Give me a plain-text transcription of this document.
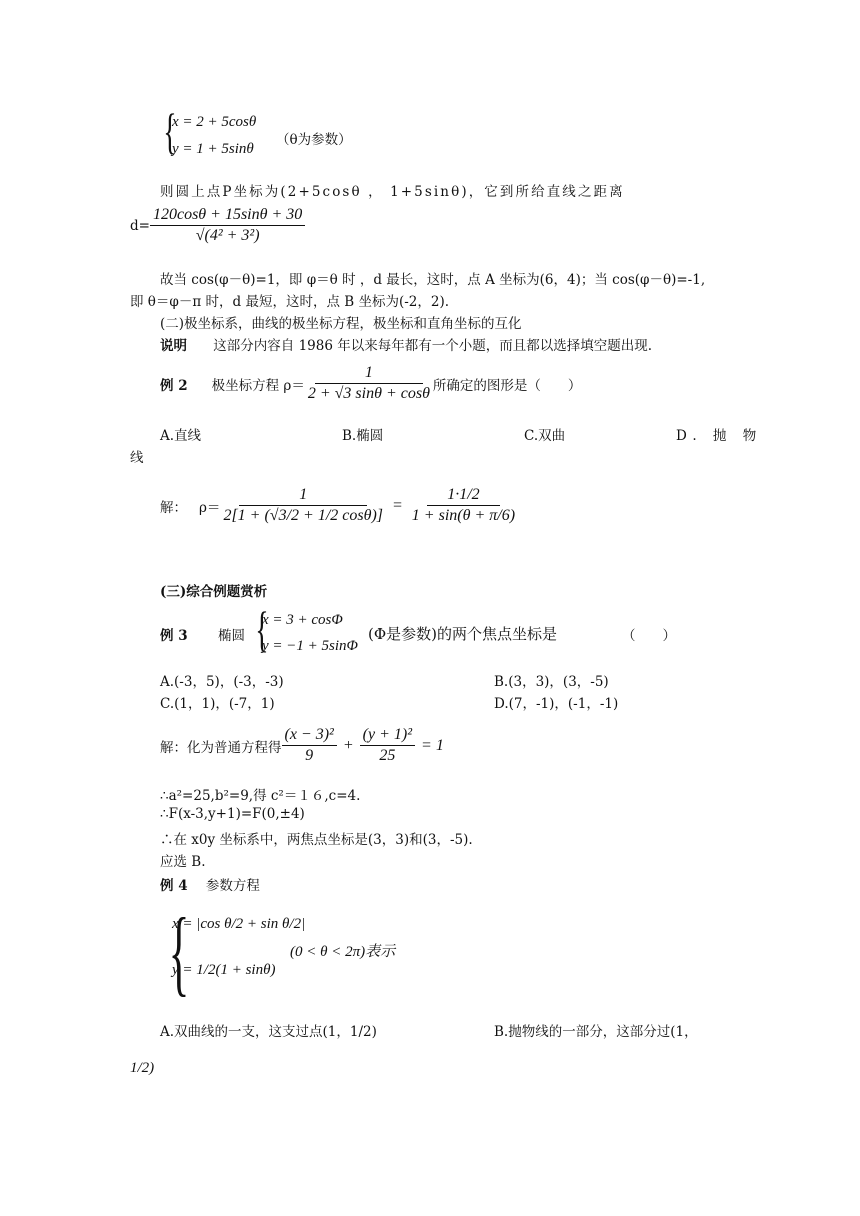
{
x = 2 + 5cosθ
y = 1 + 5sinθ
（θ为参数）
则圆上点P坐标为(2+5cosθ ， 1+5sinθ)，它到所给直线之距离
$d= \frac{120\cos\theta + 15\sin\theta + 30}{\text{√(4² + 3²)}}$
故当 cos(φ－θ)=1，即 φ＝θ 时 ，d 最长，这时，点 A 坐标为(6，4)；当 cos(φ－θ)=-1,
即 θ＝φ－π 时，d 最短，这时，点 B 坐标为(-2，2).
(二)极坐标系，曲线的极坐标方程，极坐标和直角坐标的互化
说明 这部分内容自 1986 年以来每年都有一个小题，而且都以选择填空题出现.
例 2 极坐标方程 $\rho= \frac{1}{2 + √3 \sin\theta + \cos\theta}$ 所确定的图形是（　　）
A.直线	B.椭圆	C.双曲	D. 抛 物
线
解： $\rho= \frac{1}{2[1 + (√3/2 + 1/2 \cos\theta)]} = \frac{1\cdot 1/2}{1 + \sin(\theta + \pi/6)}$
(三)综合例题赏析
例 3 椭圆 {
x = 3 + cosΦ
y = −1 + 5sinΦ
(Φ是参数)的两个焦点坐标是	（　　）
A.(-3，5)，(-3，-3)	B.(3，3)，(3，-5)
C.(1，1)，(-7，1)	D.(7，-1)，(-1，-1)
解：化为普通方程得 $\frac{\text{(x − 3)²}}{9} + \frac{\text{(y + 1)²}}{25} = 1$
∴a²=25,b²=9,得 c²＝１６,c=4.
∴F(x-3,y+1)=F(0,±4)
∴在 x0y 坐标系中，两焦点坐标是(3，3)和(3，-5).
应选 B.
例 4 参数方程
{
x = |cos θ/2 + sin θ/2|
y = 1/2(1 + sinθ)
(0 < θ < 2π)表示
A.双曲线的一支，这支过点(1，1/2)	B.抛物线的一部分，这部分过(1，
1/2)
